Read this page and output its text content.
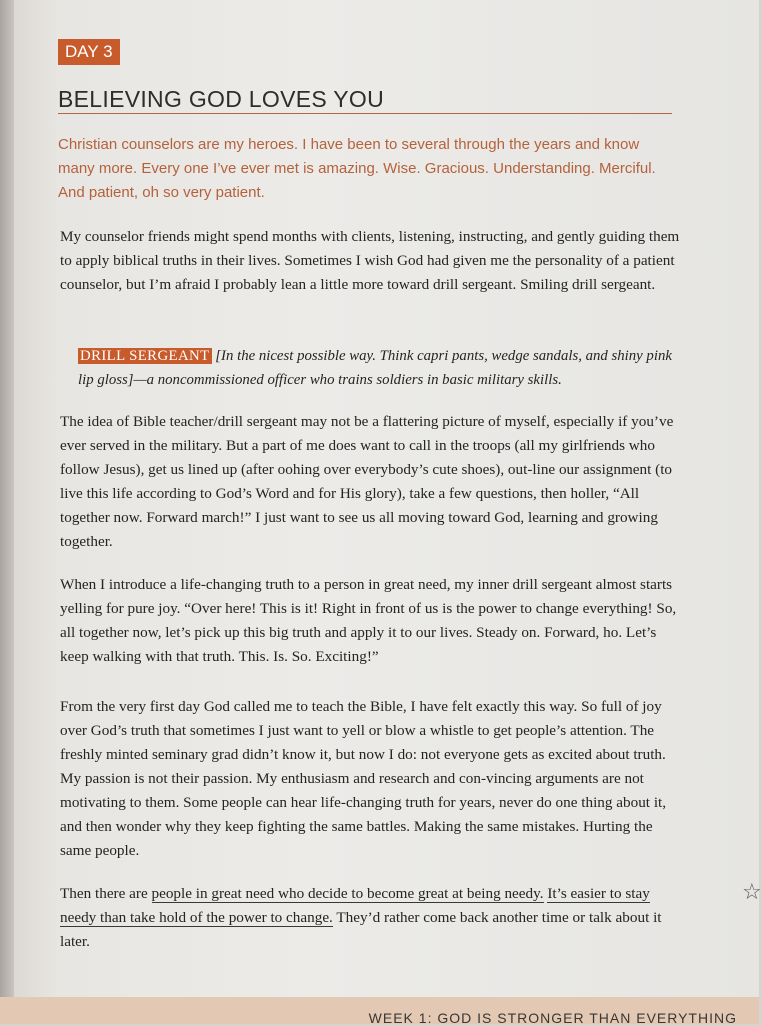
DAY 3
BELIEVING GOD LOVES YOU

Christian counselors are my heroes. I have been to several through the years and know many more. Every one I’ve ever met is amazing. Wise. Gracious. Understanding. Merciful. And patient, oh so very patient.

My counselor friends might spend months with clients, listening, instructing, and gently guiding them to apply biblical truths in their lives. Sometimes I wish God had given me the personality of a patient counselor, but I’m afraid I probably lean a little more toward drill sergeant. Smiling drill sergeant.

DRILL SERGEANT [In the nicest possible way. Think capri pants, wedge sandals, and shiny pink lip gloss]—a noncommissioned officer who trains soldiers in basic military skills.

The idea of Bible teacher/drill sergeant may not be a flattering picture of myself, especially if you’ve ever served in the military. But a part of me does want to call in the troops (all my girlfriends who follow Jesus), get us lined up (after oohing over everybody’s cute shoes), out-line our assignment (to live this life according to God’s Word and for His glory), take a few questions, then holler, “All together now. Forward march!” I just want to see us all moving toward God, learning and growing together.

When I introduce a life-changing truth to a person in great need, my inner drill sergeant almost starts yelling for pure joy. “Over here! This is it! Right in front of us is the power to change everything! So, all together now, let’s pick up this big truth and apply it to our lives. Steady on. Forward, ho. Let’s keep walking with that truth. This. Is. So. Exciting!”

From the very first day God called me to teach the Bible, I have felt exactly this way. So full of joy over God’s truth that sometimes I just want to yell or blow a whistle to get people’s attention. The freshly minted seminary grad didn’t know it, but now I do: not everyone gets as excited about truth. My passion is not their passion. My enthusiasm and research and con-vincing arguments are not motivating to them. Some people can hear life-changing truth for years, never do one thing about it, and then wonder why they keep fighting the same battles. Making the same mistakes. Hurting the same people.

Then there are people in great need who decide to become great at being needy. It’s easier to stay needy than take hold of the power to change. They’d rather come back another time or talk about it later.

☆
WEEK 1: GOD IS STRONGER THAN EVERYTHING
